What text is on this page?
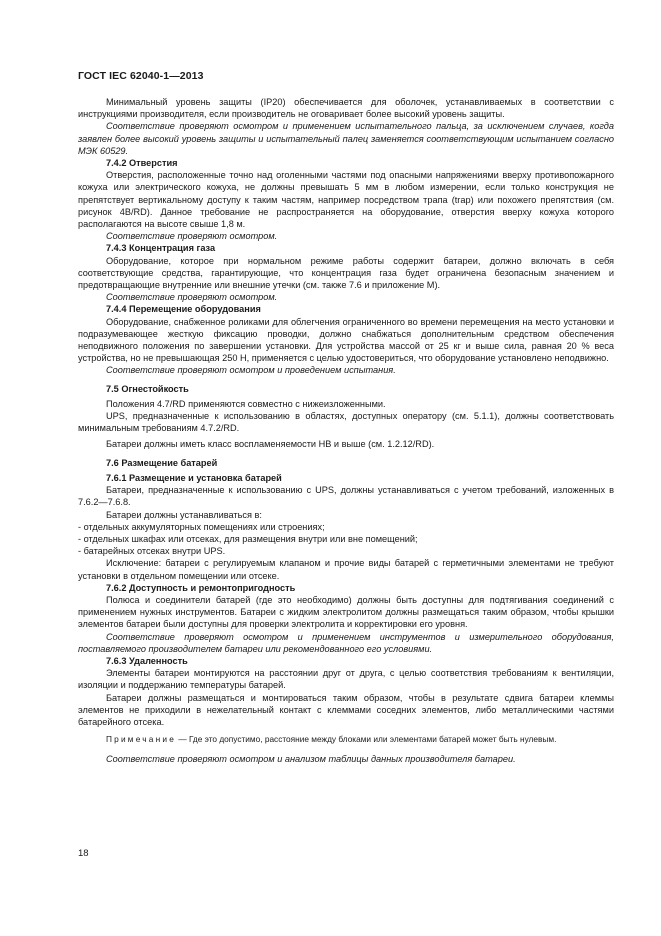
ГОСТ IEC 62040-1—2013

Минимальный уровень защиты (IP20) обеспечивается для оболочек, устанавливаемых в соответствии с инструкциями производителя, если производитель не оговаривает более высокий уровень защиты.

Соответствие проверяют осмотром и применением испытательного пальца, за исключением случаев, когда заявлен более высокий уровень защиты и испытательный палец заменяется соответствующим испытанием согласно МЭК 60529.

7.4.2 Отверстия

Отверстия, расположенные точно над оголенными частями под опасными напряжениями вверху противопожарного кожуха или электрического кожуха, не должны превышать 5 мм в любом измерении, если только конструкция не препятствует вертикальному доступу к таким частям, например посредством трапа (trap) или похожего препятствия (см. рисунок 4В/RD). Данное требование не распространяется на оборудование, отверстия вверху кожуха которого располагаются на высоте свыше 1,8 м.

Соответствие проверяют осмотром.

7.4.3 Концентрация газа

Оборудование, которое при нормальном режиме работы содержит батареи, должно включать в себя соответствующие средства, гарантирующие, что концентрация газа будет ограничена безопасным значением и предотвращающие внутренние или внешние утечки (см. также 7.6 и приложение М).

Соответствие проверяют осмотром.

7.4.4 Перемещение оборудования

Оборудование, снабженное роликами для облегчения ограниченного во времени перемещения на место установки и подразумевающее жесткую фиксацию проводки, должно снабжаться дополнительным средством обеспечения неподвижного положения по завершении установки. Для устройства массой от 25 кг и выше сила, равная 20 % веса устройства, но не превышающая 250 Н, применяется с целью удостовериться, что оборудование установлено неподвижно.

Соответствие проверяют осмотром и проведением испытания.

7.5 Огнестойкость

Положения 4.7/RD применяются совместно с нижеизложенными.

UPS, предназначенные к использованию в областях, доступных оператору (см. 5.1.1), должны соответствовать минимальным требованиям 4.7.2/RD.

Батареи должны иметь класс воспламеняемости НВ и выше (см. 1.2.12/RD).

7.6 Размещение батарей

7.6.1 Размещение и установка батарей

Батареи, предназначенные к использованию с UPS, должны устанавливаться с учетом требований, изложенных в 7.6.2—7.6.8.

Батареи должны устанавливаться в:

- отдельных аккумуляторных помещениях или строениях;

- отдельных шкафах или отсеках, для размещения внутри или вне помещений;

- батарейных отсеках внутри UPS.

Исключение: батареи с регулируемым клапаном и прочие виды батарей с герметичными элементами не требуют установки в отдельном помещении или отсеке.

7.6.2 Доступность и ремонтопригодность

Полюса и соединители батарей (где это необходимо) должны быть доступны для подтягивания соединений с применением нужных инструментов. Батареи с жидким электролитом должны размещаться таким образом, чтобы крышки элементов батареи были доступны для проверки электролита и корректировки его уровня.

Соответствие проверяют осмотром и применением инструментов и измерительного оборудования, поставляемого производителем батареи или рекомендованного его условиями.

7.6.3 Удаленность

Элементы батареи монтируются на расстоянии друг от друга, с целью соответствия требованиям к вентиляции, изоляции и поддержанию температуры батарей.

Батареи должны размещаться и монтироваться таким образом, чтобы в результате сдвига батареи клеммы элементов не приходили в нежелательный контакт с клеммами соседних элементов, либо металлическими частями батарейного отсека.

Примечание — Где это допустимо, расстояние между блоками или элементами батарей может быть нулевым.

Соответствие проверяют осмотром и анализом таблицы данных производителя батареи.

18
